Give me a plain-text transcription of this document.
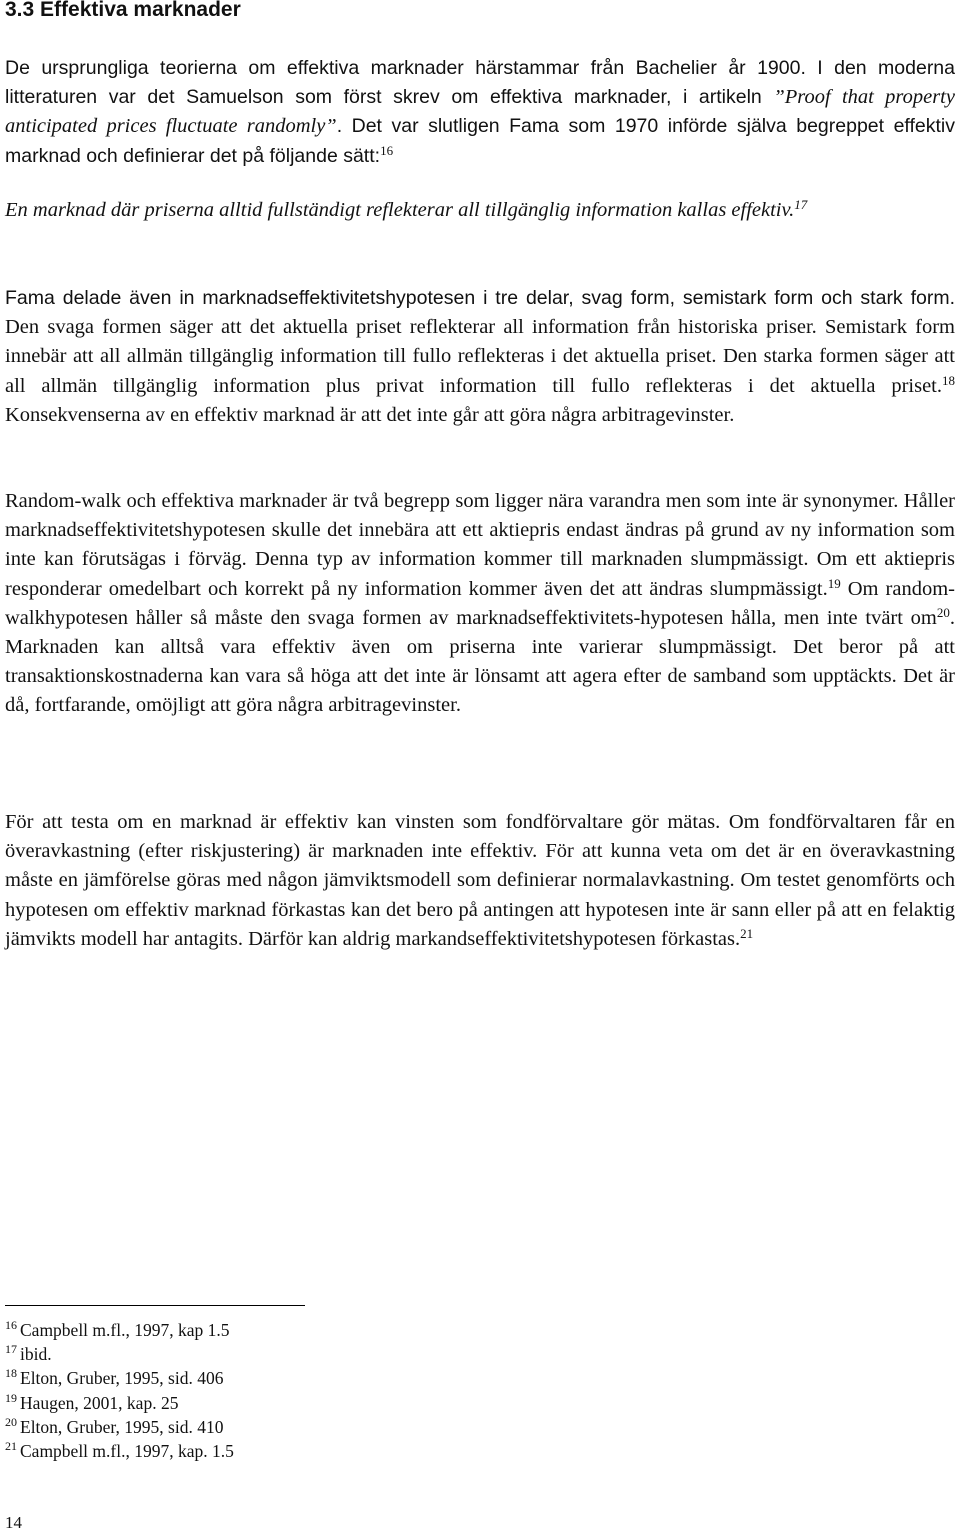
3.3 Effektiva marknader

De ursprungliga teorierna om effektiva marknader härstammar från Bachelier år 1900. I den moderna litteraturen var det Samuelson som först skrev om effektiva marknader, i artikeln ”Proof that property anticipated prices fluctuate randomly”. Det var slutligen Fama som 1970 införde själva begreppet effektiv marknad och definierar det på följande sätt:$^{16}$

En marknad där priserna alltid fullständigt reflekterar all tillgänglig information kallas effektiv.$^{17}$

Fama delade även in marknadseffektivitetshypotesen i tre delar, svag form, semistark form och stark form. Den svaga formen säger att det aktuella priset reflekterar all information från historiska priser. Semistark form innebär att all allmän tillgänglig information till fullo reflekteras i det aktuella priset. Den starka formen säger att all allmän tillgänglig information plus privat information till fullo reflekteras i det aktuella priset.$^{18}$ Konsekvenserna av en effektiv marknad är att det inte går att göra några arbitragevinster.

Random-walk och effektiva marknader är två begrepp som ligger nära varandra men som inte är synonymer. Håller marknadseffektivitetshypotesen skulle det innebära att ett aktiepris endast ändras på grund av ny information som inte kan förutsägas i förväg. Denna typ av information kommer till marknaden slumpmässigt. Om ett aktiepris responderar omedelbart och korrekt på ny information kommer även det att ändras slumpmässigt.$^{19}$ Om random-walkhypotesen håller så måste den svaga formen av marknadseffektivitets-hypotesen hålla, men inte tvärt $om^{20}$. Marknaden kan alltså vara effektiv även om priserna inte varierar slumpmässigt. Det beror på att transaktionskostnaderna kan vara så höga att det inte är lönsamt att agera efter de samband som upptäckts. Det är då, fortfarande, omöjligt att göra några arbitragevinster.

För att testa om en marknad är effektiv kan vinsten som fondförvaltare gör mätas. Om fondförvaltaren får en överavkastning (efter riskjustering) är marknaden inte effektiv. För att kunna veta om det är en överavkastning måste en jämförelse göras med någon jämviktsmodell som definierar normalavkastning. Om testet genomförts och hypotesen om effektiv marknad förkastas kan det bero på antingen att hypotesen inte är sann eller på att en felaktig jämvikts modell har antagits. Därför kan aldrig markandseffektivitetshypotesen förkastas.$^{21}$

$^{16}$ Campbell m.fl., 1997, kap 1.5
$^{17}$ ibid.
$^{18}$ Elton, Gruber, 1995, sid. 406
$^{19}$ Haugen, 2001, kap. 25
$^{20}$ Elton, Gruber, 1995, sid. 410
$^{21}$ Campbell m.fl., 1997, kap. 1.5
14
